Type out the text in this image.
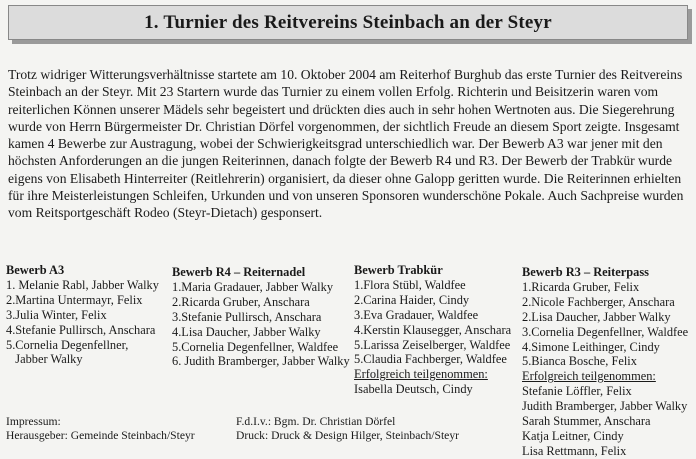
1. Turnier des Reitvereins Steinbach an der Steyr

Trotz widriger Witterungsverhältnisse startete am 10. Oktober 2004 am Reiterhof Burghub das erste Turnier des Reitvereins Steinbach an der Steyr. Mit 23 Startern wurde das Turnier zu einem vollen Erfolg. Richterin und Beisitzerin waren vom reiterlichen Können unserer Mädels sehr begeistert und drückten dies auch in sehr hohen Wertnoten aus. Die Siegerehrung wurde von Herrn Bürgermeister Dr. Christian Dörfel vorgenommen, der sichtlich Freude an diesem Sport zeigte. Insgesamt kamen 4 Bewerbe zur Austragung, wobei der Schwierigkeitsgrad unterschiedlich war. Der Bewerb A3 war jener mit den höchsten Anforderungen an die jungen Reiterinnen, danach folgte der Bewerb R4 und R3. Der Bewerb der Trabkür wurde eigens von Elisabeth Hinterreiter (Reitlehrerin) organisiert, da dieser ohne Galopp geritten wurde. Die Reiterinnen erhielten für ihre Meisterleistungen Schleifen, Urkunden und von unseren Sponsoren wunderschöne Pokale. Auch Sachpreise wurden vom Reitsportgeschäft Rodeo (Steyr-Dietach) gesponsert.

Bewerb A3
1. Melanie Rabl, Jabber Walky
2.Martina Untermayr, Felix
3.Julia Winter, Felix
4.Stefanie Pullirsch, Anschara
5.Cornelia Degenfellner,
Jabber Walky
Bewerb R4 – Reiternadel
1.Maria Gradauer, Jabber Walky
2.Ricarda Gruber, Anschara
3.Stefanie Pullirsch, Anschara
4.Lisa Daucher, Jabber Walky
5.Cornelia Degenfellner, Waldfee
6. Judith Bramberger, Jabber Walky
Bewerb Trabkür
1.Flora Stübl, Waldfee
2.Carina Haider, Cindy
3.Eva Gradauer, Waldfee
4.Kerstin Klausegger, Anschara
5.Larissa Zeiselberger, Waldfee
5.Claudia Fachberger, Waldfee
Erfolgreich teilgenommen:
Isabella Deutsch, Cindy
Bewerb R3 – Reiterpass
1.Ricarda Gruber, Felix
2.Nicole Fachberger, Anschara
2.Lisa Daucher, Jabber Walky
3.Cornelia Degenfellner, Waldfee
4.Simone Leithinger, Cindy
5.Bianca Bosche, Felix
Erfolgreich teilgenommen:
Stefanie Löffler, Felix
Judith Bramberger, Jabber Walky
Sarah Stummer, Anschara
Katja Leitner, Cindy
Lisa Rettmann, Felix
Impressum:
Herausgeber: Gemeinde Steinbach/Steyr
F.d.I.v.: Bgm. Dr. Christian Dörfel
Druck: Druck & Design Hilger, Steinbach/Steyr
